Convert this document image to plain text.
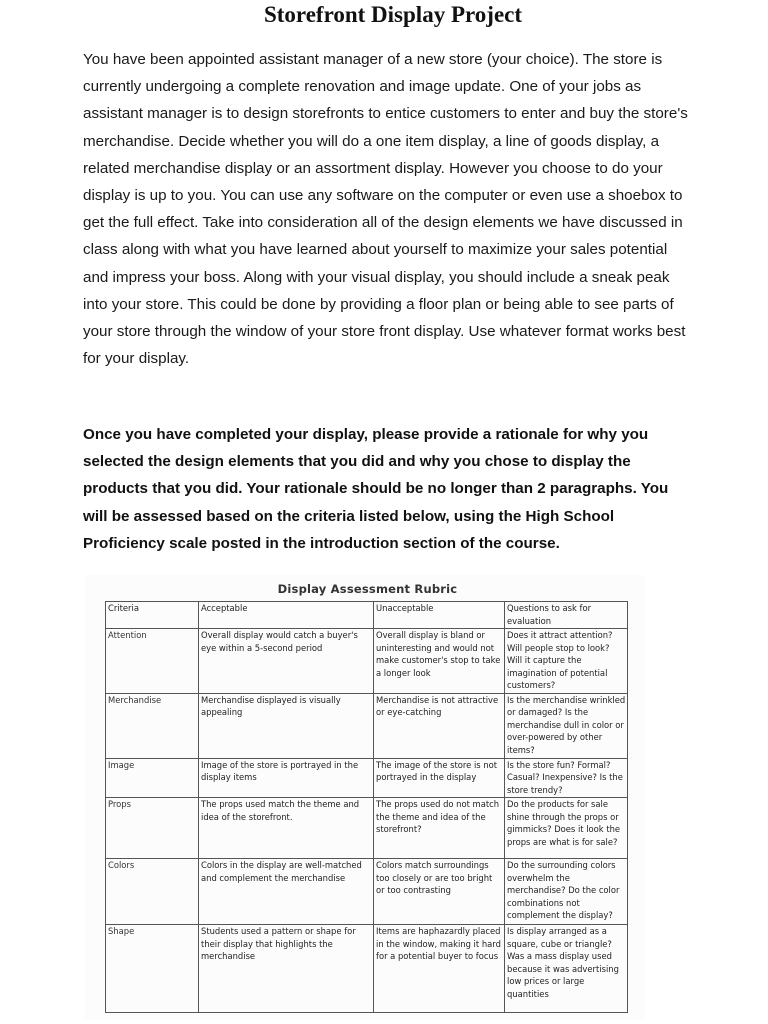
Storefront Display Project

You have been appointed assistant manager of a new store (your choice). The store is currently undergoing a complete renovation and image update. One of your jobs as assistant manager is to design storefronts to entice customers to enter and buy the store's merchandise. Decide whether you will do a one item display, a line of goods display, a related merchandise display or an assortment display. However you choose to do your display is up to you. You can use any software on the computer or even use a shoebox to get the full effect. Take into consideration all of the design elements we have discussed in class along with what you have learned about yourself to maximize your sales potential and impress your boss. Along with your visual display, you should include a sneak peak into your store. This could be done by providing a floor plan or being able to see parts of your store through the window of your store front display. Use whatever format works best for your display.

Once you have completed your display, please provide a rationale for why you selected the design elements that you did and why you chose to display the products that you did. Your rationale should be no longer than 2 paragraphs. You will be assessed based on the criteria listed below, using the High School Proficiency scale posted in the introduction section of the course.

Display Assessment Rubric
Criteria	Acceptable	Unacceptable	Questions to ask for evaluation
Attention	Overall display would catch a buyer's eye within a 5-second period	Overall display is bland or uninteresting and would not make customer's stop to take a longer look	Does it attract attention? Will people stop to look? Will it capture the imagination of potential customers?
Merchandise	Merchandise displayed is visually appealing	Merchandise is not attractive or eye-catching	Is the merchandise wrinkled or damaged? Is the merchandise dull in color or over-powered by other items?
Image	Image of the store is portrayed in the display items	The image of the store is not portrayed in the display	Is the store fun? Formal? Casual? Inexpensive? Is the store trendy?
Props	The props used match the theme and idea of the storefront.	The props used do not match the theme and idea of the storefront?	Do the products for sale shine through the props or gimmicks? Does it look the props are what is for sale?
Colors	Colors in the display are well-matched and complement the merchandise	Colors match surroundings too closely or are too bright or too contrasting	Do the surrounding colors overwhelm the merchandise? Do the color combinations not complement the display?
Shape	Students used a pattern or shape for their display that highlights the merchandise	Items are haphazardly placed in the window, making it hard for a potential buyer to focus	Is display arranged as a square, cube or triangle? Was a mass display used because it was advertising low prices or large quantities
